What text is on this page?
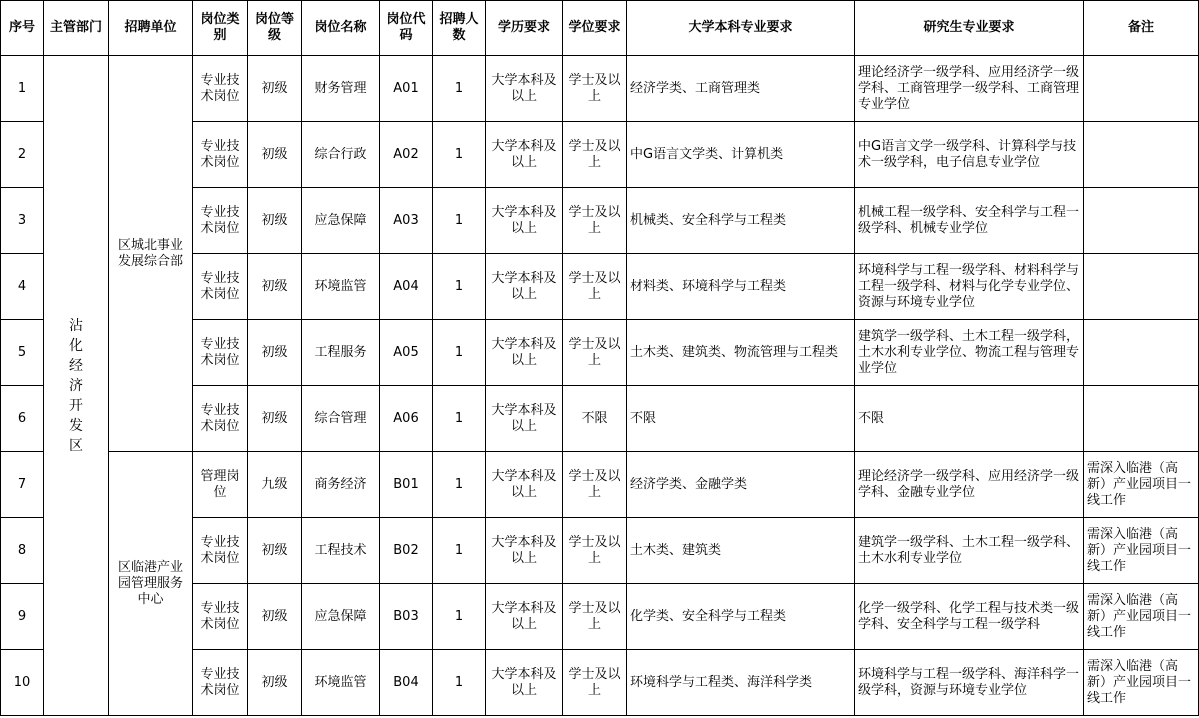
序号	主管部门	招聘单位	岗位类别	岗位等级	岗位名称	岗位代码	招聘人数	学历要求	学位要求	大学本科专业要求	研究生专业要求	备注
1	沾化经济开发区	区城北事业发展综合部	专业技术岗位	初级	财务管理	A01	1	大学本科及以上	学士及以上	经济学类、工商管理类	理论经济学一级学科、应用经济学一级学科、工商管理学一级学科、工商管理专业学位	

2			专业技术岗位	初级	综合行政	A02	1	大学本科及以上	学士及以上	中G语言文学类、计算机类	中G语言文学一级学科、计算科学与技术一级学科，电子信息专业学位	

3			专业技术岗位	初级	应急保障	A03	1	大学本科及以上	学士及以上	机械类、安全科学与工程类	机械工程一级学科、安全科学与工程一级学科、机械专业学位	

4			专业技术岗位	初级	环境监管	A04	1	大学本科及以上	学士及以上	材料类、环境科学与工程类	环境科学与工程一级学科、材料科学与工程一级学科、材料与化学专业学位、资源与环境专业学位	

5			专业技术岗位	初级	工程服务	A05	1	大学本科及以上	学士及以上	土木类、建筑类、物流管理与工程类	建筑学一级学科、土木工程一级学科，土木水利专业学位、物流工程与管理专业学位	

6			专业技术岗位	初级	综合管理	A06	1	大学本科及以上	不限	不限	不限	

7		区临港产业园管理服务中心	管理岗位	九级	商务经济	B01	1	大学本科及以上	学士及以上	经济学类、金融学类	理论经济学一级学科、应用经济学一级学科、金融专业学位	需深入临港（高新）产业园项目一线工作
8			专业技术岗位	初级	工程技术	B02	1	大学本科及以上	学士及以上	土木类、建筑类	建筑学一级学科、土木工程一级学科、土木水利专业学位	需深入临港（高新）产业园项目一线工作
9			专业技术岗位	初级	应急保障	B03	1	大学本科及以上	学士及以上	化学类、安全科学与工程类	化学一级学科、化学工程与技术类一级学科、安全科学与工程一级学科	需深入临港（高新）产业园项目一线工作
10			专业技术岗位	初级	环境监管	B04	1	大学本科及以上	学士及以上	环境科学与工程类、海洋科学类	环境科学与工程一级学科、海洋科学一级学科，资源与环境专业学位	需深入临港（高新）产业园项目一线工作
